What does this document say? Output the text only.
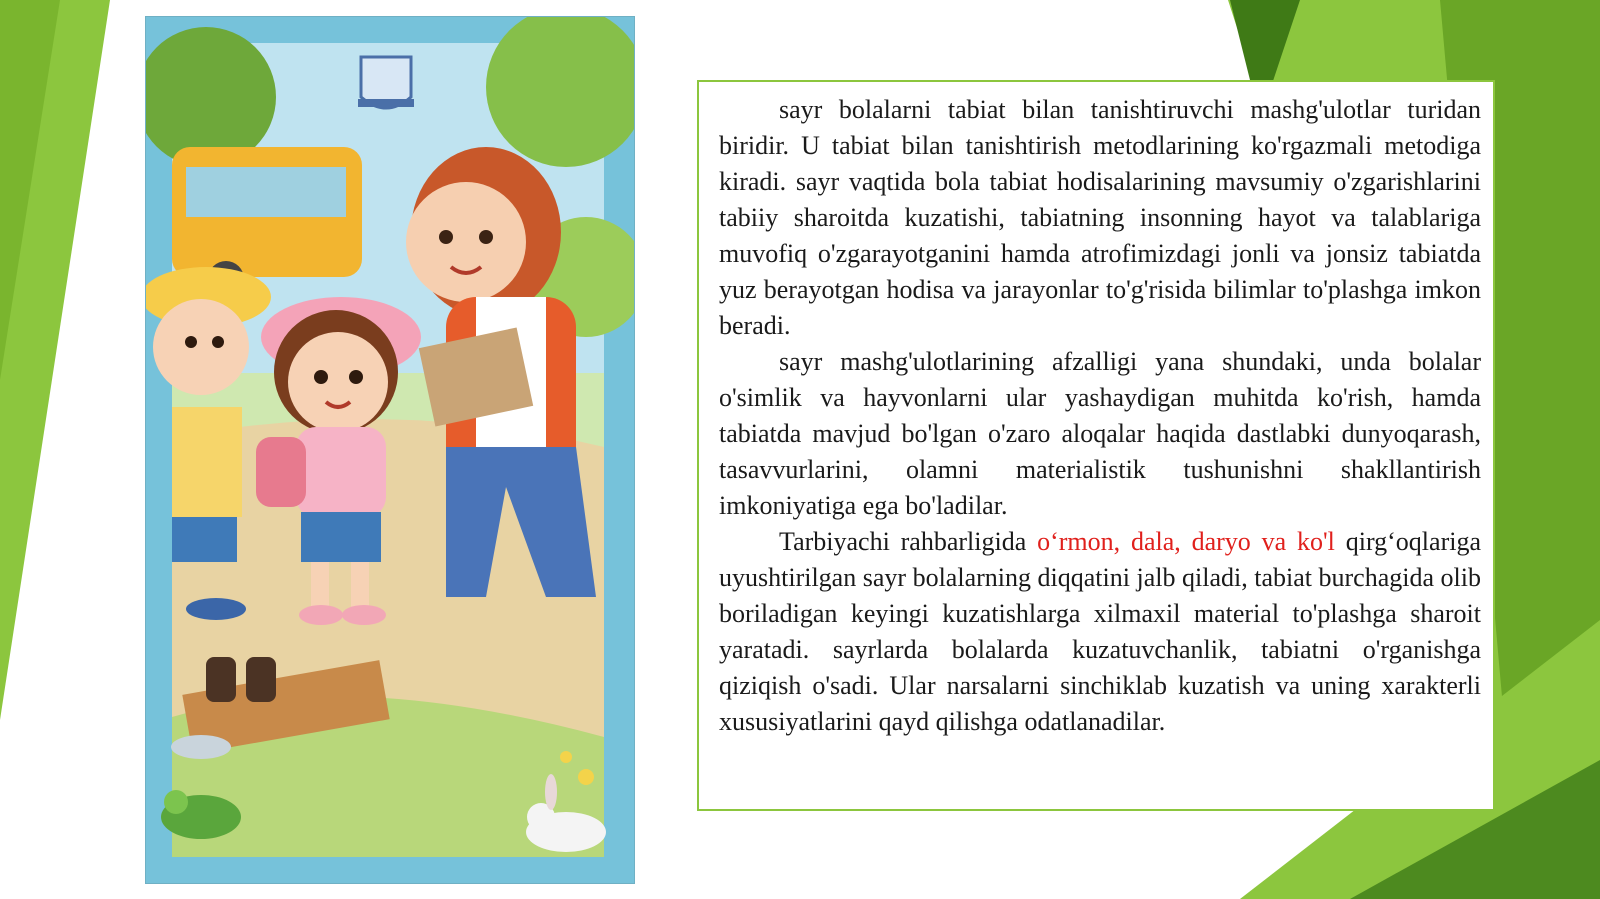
sayr bolalarni tabiat bilan tanishtiruvchi mashg'ulotlar turidan biridir. U tabiat bilan tanishtirish metodlarining ko'rgazmali metodiga kiradi. sayr vaqtida bola tabiat hodisalarining mavsumiy o'zgarishlarini tabiiy sharoitda kuzatishi, tabiatning insonning hayot va talablariga muvofiq o'zgarayotganini hamda atrofimizdagi jonli va jonsiz tabiatda yuz berayotgan hodisa va jarayonlar to'g'risida bilimlar to'plashga imkon beradi.

sayr mashg'ulotlarining afzalligi yana shundaki, unda bolalar o'simlik va hayvonlarni ular yashaydigan muhitda ko'rish, hamda tabiatda mavjud bo'lgan o'zaro aloqalar haqida dastlabki dunyoqarash, tasavvurlarini, olamni materialistik tushunishni shakllantirish imkoniyatiga ega bo'ladilar.

Tarbiyachi rahbarligida o‘rmon, dala, daryo va ko'l qirg‘oqlariga uyushtirilgan sayr bolalarning diqqatini jalb qiladi, tabiat burchagida olib boriladigan keyingi kuzatishlarga xilmaxil material to'plashga sharoit yaratadi. sayrlarda bolalarda kuzatuvchanlik, tabiatni o'rganishga qiziqish o'sadi. Ular narsalarni sinchiklab kuzatish va uning xarakterli xususiyatlarini qayd qilishga odatlanadilar.
